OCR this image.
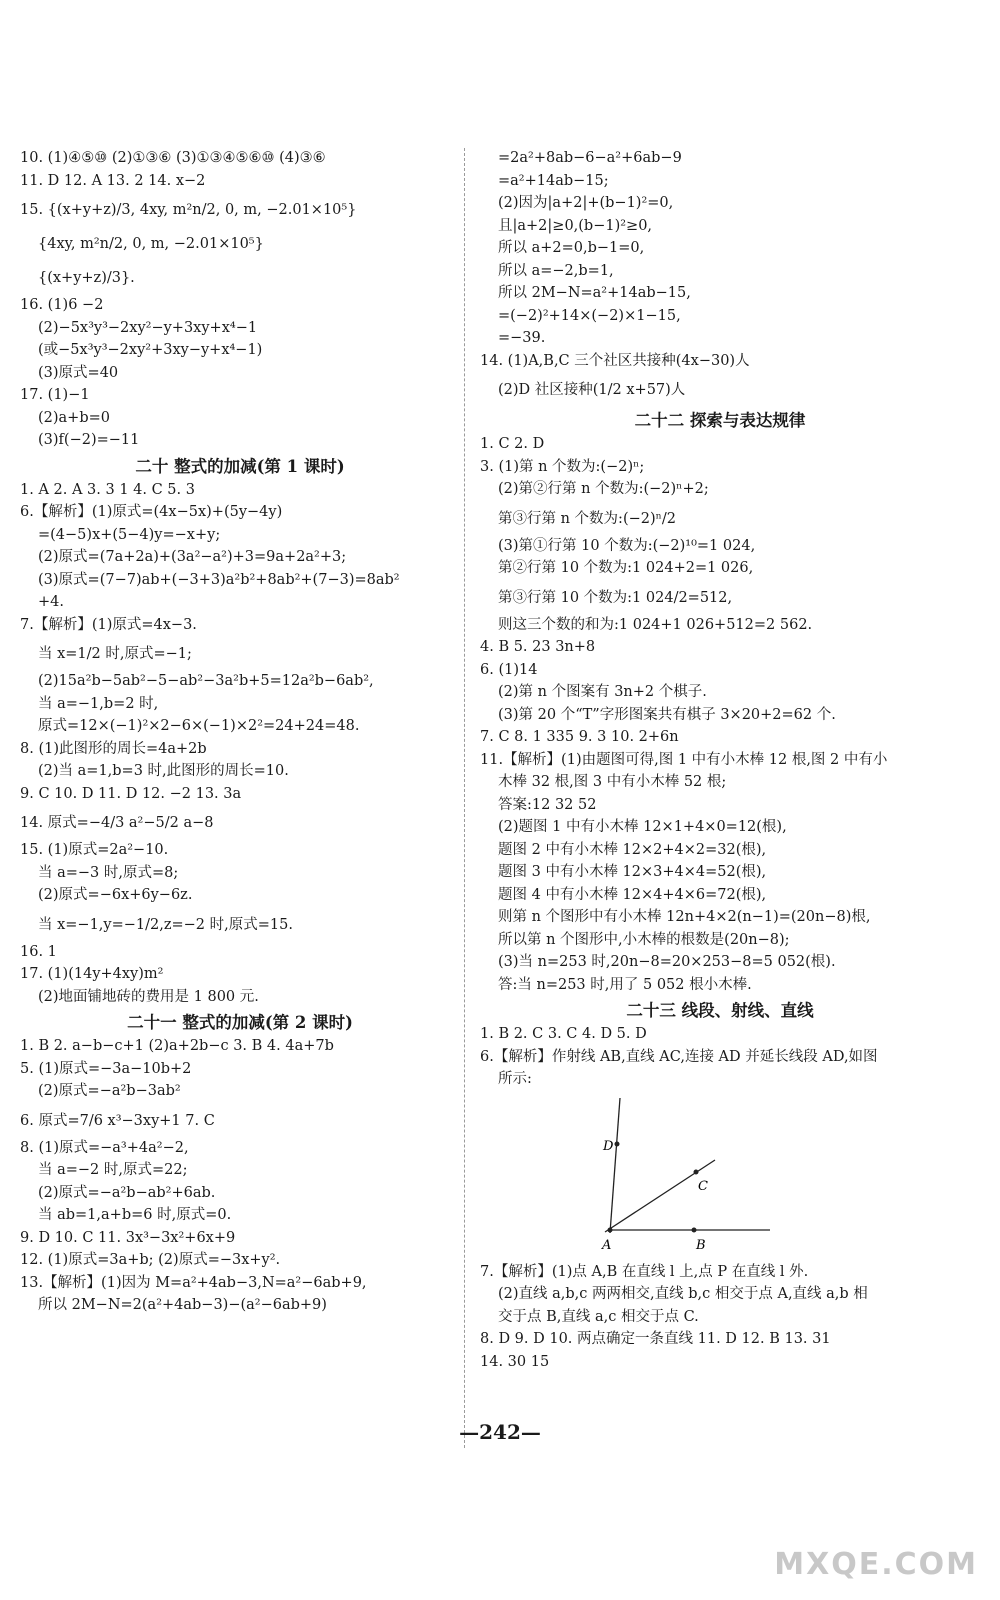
10. (1)④⑤⑩ (2)①③⑥ (3)①③④⑤⑥⑩ (4)③⑥
11. D 12. A 13. 2 14. x−2
15. {(x+y+z)/3, 4xy, m²n/2, 0, m, −2.01×10⁵}
{4xy, m²n/2, 0, m, −2.01×10⁵}
{(x+y+z)/3}.
16. (1)6 −2
(2)−5x³y³−2xy²−y+3xy+x⁴−1
(或−5x³y³−2xy²+3xy−y+x⁴−1)
(3)原式=40
17. (1)−1
(2)a+b=0
(3)f(−2)=−11
二十 整式的加减(第 1 课时)
1. A 2. A 3. 3 1 4. C 5. 3
6.【解析】(1)原式=(4x−5x)+(5y−4y)
=(4−5)x+(5−4)y=−x+y;
(2)原式=(7a+2a)+(3a²−a²)+3=9a+2a²+3;
(3)原式=(7−7)ab+(−3+3)a²b²+8ab²+(7−3)=8ab²
+4.
7.【解析】(1)原式=4x−3.
当 x=1/2 时,原式=−1;
(2)15a²b−5ab²−5−ab²−3a²b+5=12a²b−6ab²,
当 a=−1,b=2 时,
原式=12×(−1)²×2−6×(−1)×2²=24+24=48.
8. (1)此图形的周长=4a+2b
(2)当 a=1,b=3 时,此图形的周长=10.
9. C 10. D 11. D 12. −2 13. 3a
14. 原式=−4/3 a²−5/2 a−8
15. (1)原式=2a²−10.
当 a=−3 时,原式=8;
(2)原式=−6x+6y−6z.
当 x=−1,y=−1/2,z=−2 时,原式=15.
16. 1
17. (1)(14y+4xy)m²
(2)地面铺地砖的费用是 1 800 元.
二十一 整式的加减(第 2 课时)
1. B 2. a−b−c+1 (2)a+2b−c 3. B 4. 4a+7b
5. (1)原式=−3a−10b+2
(2)原式=−a²b−3ab²
6. 原式=7/6 x³−3xy+1 7. C
8. (1)原式=−a³+4a²−2,
当 a=−2 时,原式=22;
(2)原式=−a²b−ab²+6ab.
当 ab=1,a+b=6 时,原式=0.
9. D 10. C 11. 3x³−3x²+6x+9
12. (1)原式=3a+b; (2)原式=−3x+y².
13.【解析】(1)因为 M=a²+4ab−3,N=a²−6ab+9,
所以 2M−N=2(a²+4ab−3)−(a²−6ab+9)
=2a²+8ab−6−a²+6ab−9
=a²+14ab−15;
(2)因为|a+2|+(b−1)²=0,
且|a+2|≥0,(b−1)²≥0,
所以 a+2=0,b−1=0,
所以 a=−2,b=1,
所以 2M−N=a²+14ab−15,
=(−2)²+14×(−2)×1−15,
=−39.
14. (1)A,B,C 三个社区共接种(4x−30)人
(2)D 社区接种(1/2 x+57)人
二十二 探索与表达规律
1. C 2. D
3. (1)第 n 个数为:(−2)ⁿ;
(2)第②行第 n 个数为:(−2)ⁿ+2;
第③行第 n 个数为:(−2)ⁿ/2
(3)第①行第 10 个数为:(−2)¹⁰=1 024,
第②行第 10 个数为:1 024+2=1 026,
第③行第 10 个数为:1 024/2=512,
则这三个数的和为:1 024+1 026+512=2 562.
4. B 5. 23 3n+8
6. (1)14
(2)第 n 个图案有 3n+2 个棋子.
(3)第 20 个“T”字形图案共有棋子 3×20+2=62 个.
7. C 8. 1 335 9. 3 10. 2+6n
11.【解析】(1)由题图可得,图 1 中有小木棒 12 根,图 2 中有小
木棒 32 根,图 3 中有小木棒 52 根;
答案:12 32 52
(2)题图 1 中有小木棒 12×1+4×0=12(根),
题图 2 中有小木棒 12×2+4×2=32(根),
题图 3 中有小木棒 12×3+4×4=52(根),
题图 4 中有小木棒 12×4+4×6=72(根),
则第 n 个图形中有小木棒 12n+4×2(n−1)=(20n−8)根,
所以第 n 个图形中,小木棒的根数是(20n−8);
(3)当 n=253 时,20n−8=20×253−8=5 052(根).
答:当 n=253 时,用了 5 052 根小木棒.
二十三 线段、射线、直线
1. B 2. C 3. C 4. D 5. D
6.【解析】作射线 AB,直线 AC,连接 AD 并延长线段 AD,如图
所示:
D
C
B
A
7.【解析】(1)点 A,B 在直线 l 上,点 P 在直线 l 外.
(2)直线 a,b,c 两两相交,直线 b,c 相交于点 A,直线 a,b 相
交于点 B,直线 a,c 相交于点 C.
8. D 9. D 10. 两点确定一条直线 11. D 12. B 13. 31
14. 30 15
—242—
MXQE.COM
